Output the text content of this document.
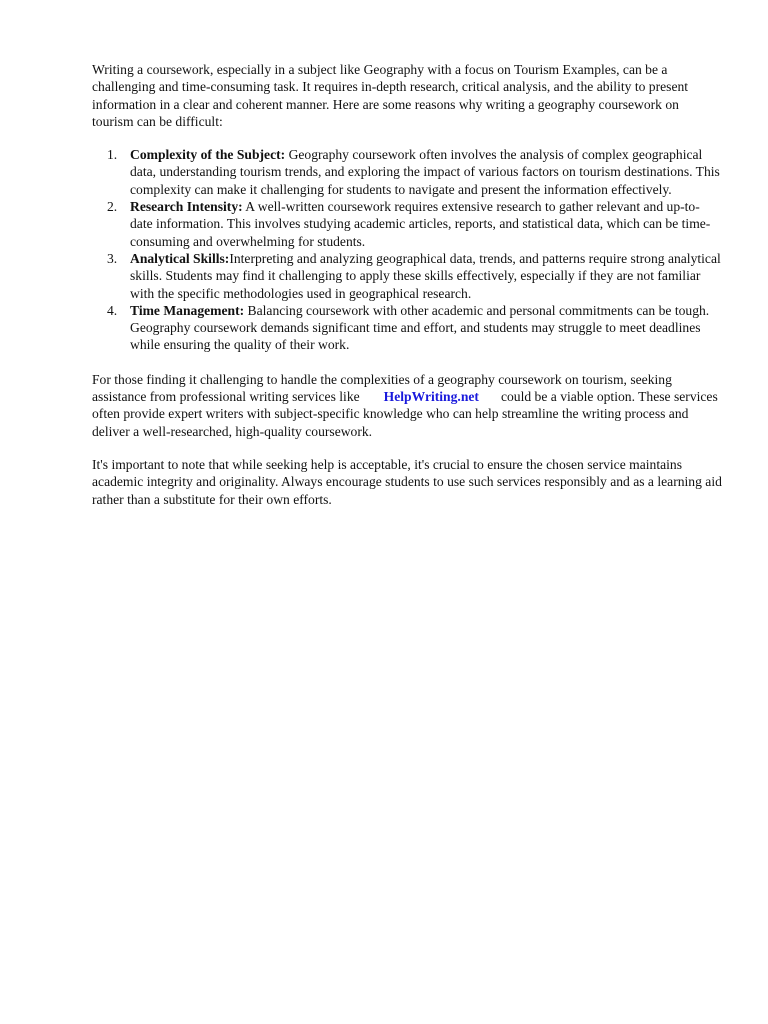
Writing a coursework, especially in a subject like Geography with a focus on Tourism Examples, can be a challenging and time-consuming task. It requires in-depth research, critical analysis, and the ability to present information in a clear and coherent manner. Here are some reasons why writing a geography coursework on tourism can be difficult:

1. Complexity of the Subject: Geography coursework often involves the analysis of complex geographical data, understanding tourism trends, and exploring the impact of various factors on tourism destinations. This complexity can make it challenging for students to navigate and present the information effectively.
2. Research Intensity: A well-written coursework requires extensive research to gather relevant and up-to-date information. This involves studying academic articles, reports, and statistical data, which can be time-consuming and overwhelming for students.
3. Analytical Skills:Interpreting and analyzing geographical data, trends, and patterns require strong analytical skills. Students may find it challenging to apply these skills effectively, especially if they are not familiar with the specific methodologies used in geographical research.
4. Time Management: Balancing coursework with other academic and personal commitments can be tough. Geography coursework demands significant time and effort, and students may struggle to meet deadlines while ensuring the quality of their work.

For those finding it challenging to handle the complexities of a geography coursework on tourism, seeking assistance from professional writing services like HelpWriting.net could be a viable option. These services often provide expert writers with subject-specific knowledge who can help streamline the writing process and deliver a well-researched, high-quality coursework.

It's important to note that while seeking help is acceptable, it's crucial to ensure the chosen service maintains academic integrity and originality. Always encourage students to use such services responsibly and as a learning aid rather than a substitute for their own efforts.
